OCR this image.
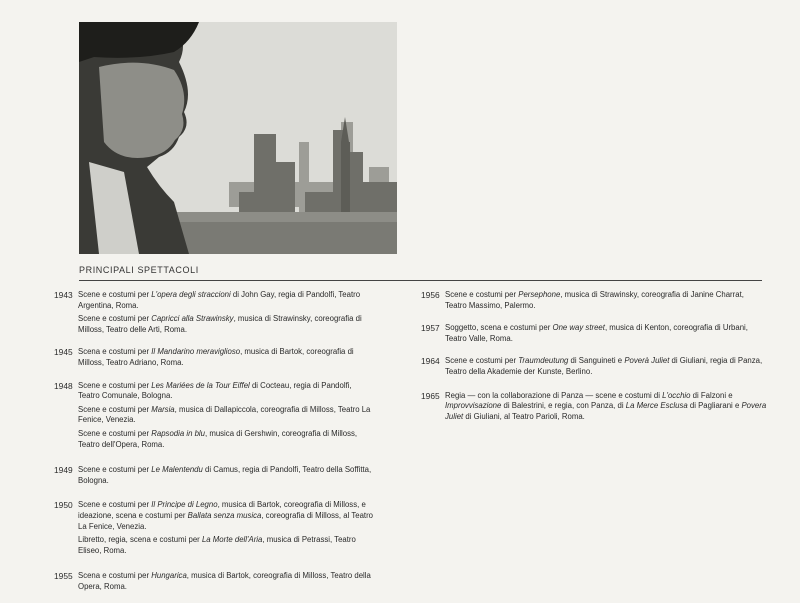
PRINCIPALI SPETTACOLI
1943 Scene e costumi per L'opera degli straccioni di John Gay, regia di Pandolfi, Teatro Argentina, Roma.
Scene e costumi per Capricci alla Strawinsky, musica di Strawinsky, coreografia di Milloss, Teatro delle Arti, Roma.
1945 Scena e costumi per Il Mandarino meraviglioso, musica di Bartok, coreografia di Milloss, Teatro Adriano, Roma.
1948 Scene e costumi per Les Mariées de la Tour Eiffel di Cocteau, regia di Pandolfi, Teatro Comunale, Bologna.
Scene e costumi per Marsia, musica di Dallapiccola, coreografia di Milloss, Teatro La Fenice, Venezia.
Scene e costumi per Rapsodia in blu, musica di Gershwin, coreografia di Milloss, Teatro dell'Opera, Roma.
1949 Scene e costumi per Le Malentendu di Camus, regia di Pandolfi, Teatro della Soffitta, Bologna.
1950 Scene e costumi per Il Principe di Legno, musica di Bartok, coreografia di Milloss, e ideazione, scena e costumi per Ballata senza musica, coreografia di Milloss, al Teatro La Fenice, Venezia.
Libretto, regia, scena e costumi per La Morte dell'Aria, musica di Petrassi, Teatro Eliseo, Roma.
1955 Scena e costumi per Hungarica, musica di Bartok, coreografia di Milloss, Teatro della Opera, Roma.
1956 Scene e costumi per Persephone, musica di Strawinsky, coreografia di Janine Charrat, Teatro Massimo, Palermo.
1957 Soggetto, scena e costumi per One way street, musica di Kenton, coreografia di Urbani, Teatro Valle, Roma.
1964 Scene e costumi per Traumdeutung di Sanguineti e Poverà Juliet di Giuliani, regia di Panza, Teatro della Akademie der Kunste, Berlino.
1965 Regia — con la collaborazione di Panza — scene e costumi di L'occhio di Falzoni e Improvvisazione di Balestrini, e regia, con Panza, di La Merce Esclusa di Pagliarani e Povera Juliet di Giuliani, al Teatro Parioli, Roma.
